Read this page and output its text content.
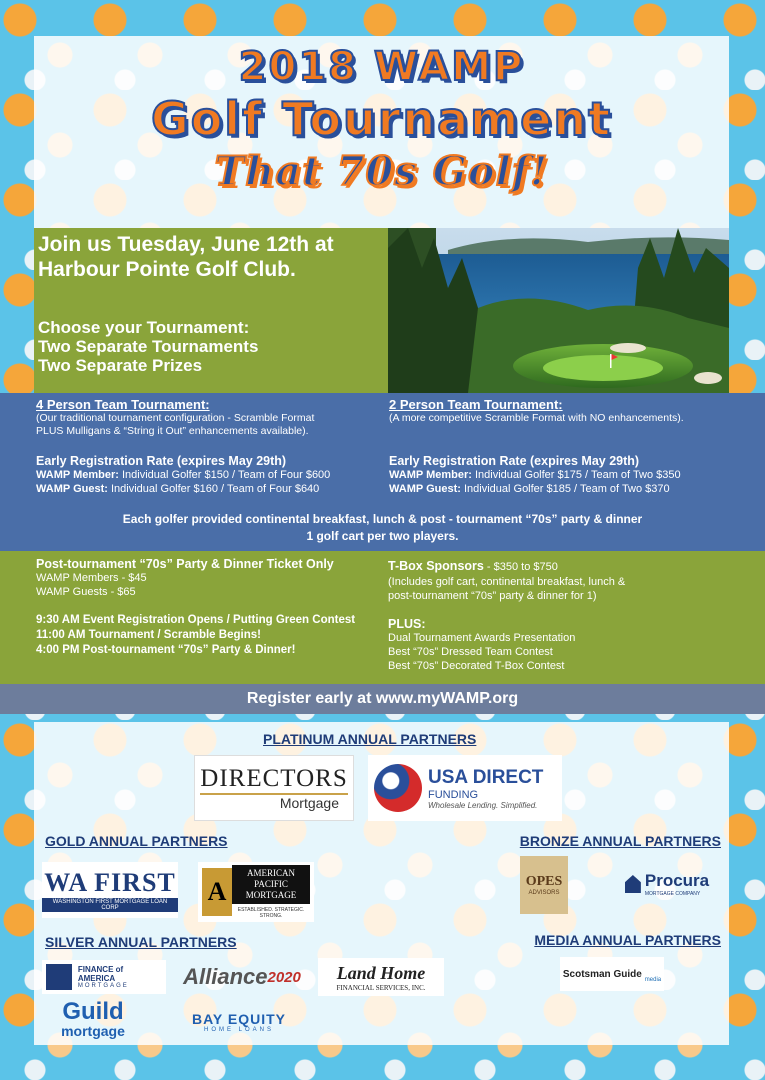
2018 WAMP
Golf Tournament
That 70s Golf!
Join us Tuesday, June 12th at
Harbour Pointe Golf Club.
Choose your Tournament:
Two Separate Tournaments
Two Separate Prizes
4 Person Team Tournament:
(Our traditional tournament configuration - Scramble Format
PLUS Mulligans & “String it Out” enhancements available).
Early Registration Rate (expires May 29th)
WAMP Member: Individual Golfer $150 / Team of Four $600
WAMP Guest: Individual Golfer $160 / Team of Four $640
2 Person Team Tournament:
(A more competitive Scramble Format with NO enhancements).
Early Registration Rate (expires May 29th)
WAMP Member: Individual Golfer $175 / Team of Two $350
WAMP Guest: Individual Golfer $185 / Team of Two $370
Each golfer provided continental breakfast, lunch & post - tournament “70s” party & dinner
1 golf cart per two players.
Post-tournament “70s” Party & Dinner Ticket Only
WAMP Members - $45
WAMP Guests - $65
9:30 AM Event Registration Opens / Putting Green Contest
11:00 AM Tournament / Scramble Begins!
4:00 PM Post-tournament “70s” Party & Dinner!
T-Box Sponsors - $350 to $750
(Includes golf cart, continental breakfast, lunch &
post-tournament “70s” party & dinner for 1)
PLUS:
Dual Tournament Awards Presentation
Best “70s” Dressed Team Contest
Best “70s” Decorated T-Box Contest
Register early at www.myWAMP.org
PLATINUM ANNUAL PARTNERS
DIRECTORS
Mortgage
USA DIRECT
FUNDING
Wholesale Lending. Simplified.
GOLD ANNUAL PARTNERS	BRONZE ANNUAL PARTNERS
WA FIRST
WASHINGTON FIRST MORTGAGE LOAN CORP
A
AMERICAN PACIFIC MORTGAGE
ESTABLISHED. STRATEGIC. STRONG.
OPES
ADVISORS
Procura
MORTGAGE COMPANY
SILVER ANNUAL PARTNERS	MEDIA ANNUAL PARTNERS
FINANCE of AMERICA
MORTGAGE	Alliance 2020 Land Home
FINANCIAL SERVICES, INC.
Scotsman Guide
media
Guild
mortgage
BAY EQUITY
HOME LOANS
